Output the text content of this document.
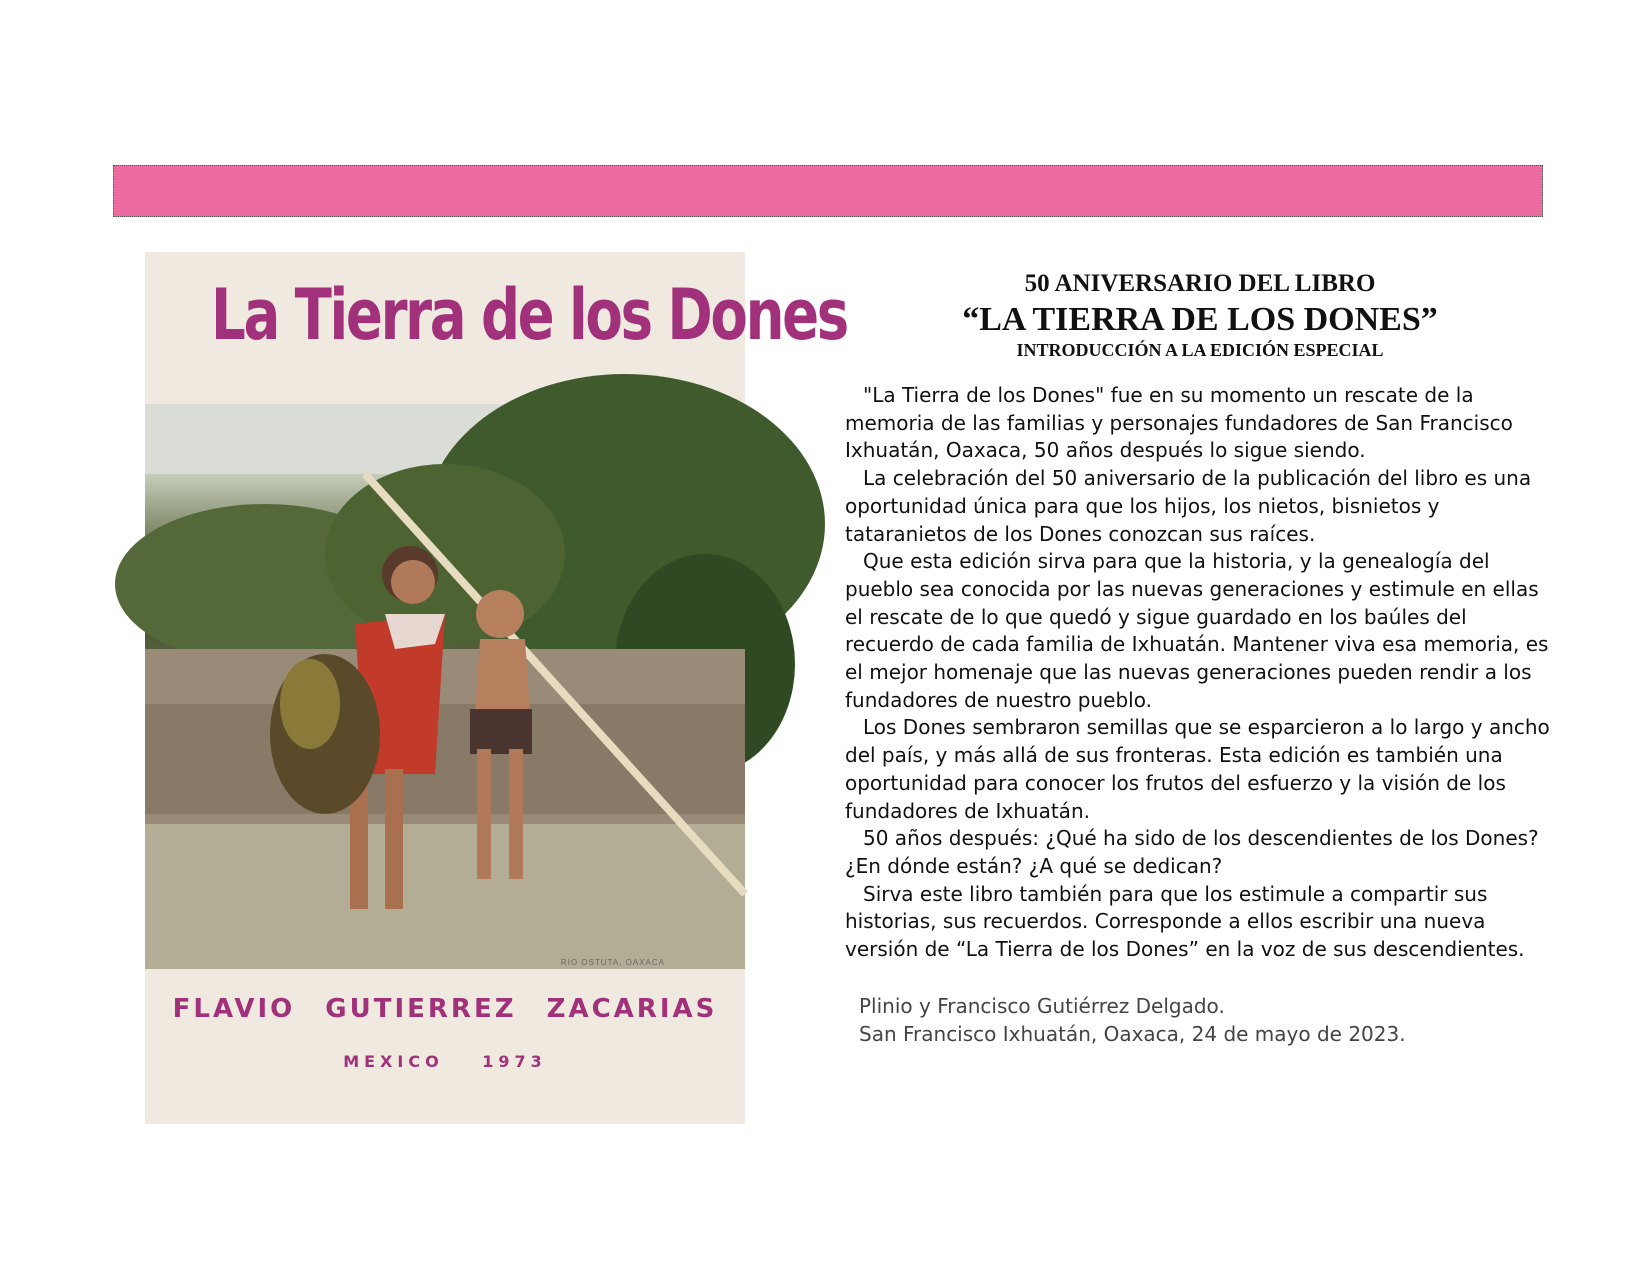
La Tierra de los Dones
RIO OSTUTA, OAXACA
FLAVIO GUTIERREZ ZACARIAS
MEXICO 1973

50 ANIVERSARIO DEL LIBRO

“LA TIERRA DE LOS DONES”

INTRODUCCIÓN A LA EDICIÓN ESPECIAL

"La Tierra de los Dones" fue en su momento un rescate de la memoria de las familias y personajes fundadores de San Francisco Ixhuatán, Oaxaca, 50 años después lo sigue siendo.

La celebración del 50 aniversario de la publicación del libro es una oportunidad única para que los hijos, los nietos, bisnietos y tataranietos de los Dones conozcan sus raíces.

Que esta edición sirva para que la historia, y la genealogía del pueblo sea conocida por las nuevas generaciones y estimule en ellas el rescate de lo que quedó y sigue guardado en los baúles del recuerdo de cada familia de Ixhuatán. Mantener viva esa memoria, es el mejor homenaje que las nuevas generaciones pueden rendir a los fundadores de nuestro pueblo.

Los Dones sembraron semillas que se esparcieron a lo largo y ancho del país, y más allá de sus fronteras. Esta edición es también una oportunidad para conocer los frutos del esfuerzo y la visión de los fundadores de Ixhuatán.

50 años después: ¿Qué ha sido de los descendientes de los Dones? ¿En dónde están? ¿A qué se dedican?

Sirva este libro también para que los estimule a compartir sus historias, sus recuerdos. Corresponde a ellos escribir una nueva versión de “La Tierra de los Dones” en la voz de sus descendientes.

Plinio y Francisco Gutiérrez Delgado.
San Francisco Ixhuatán, Oaxaca, 24 de mayo de 2023.
